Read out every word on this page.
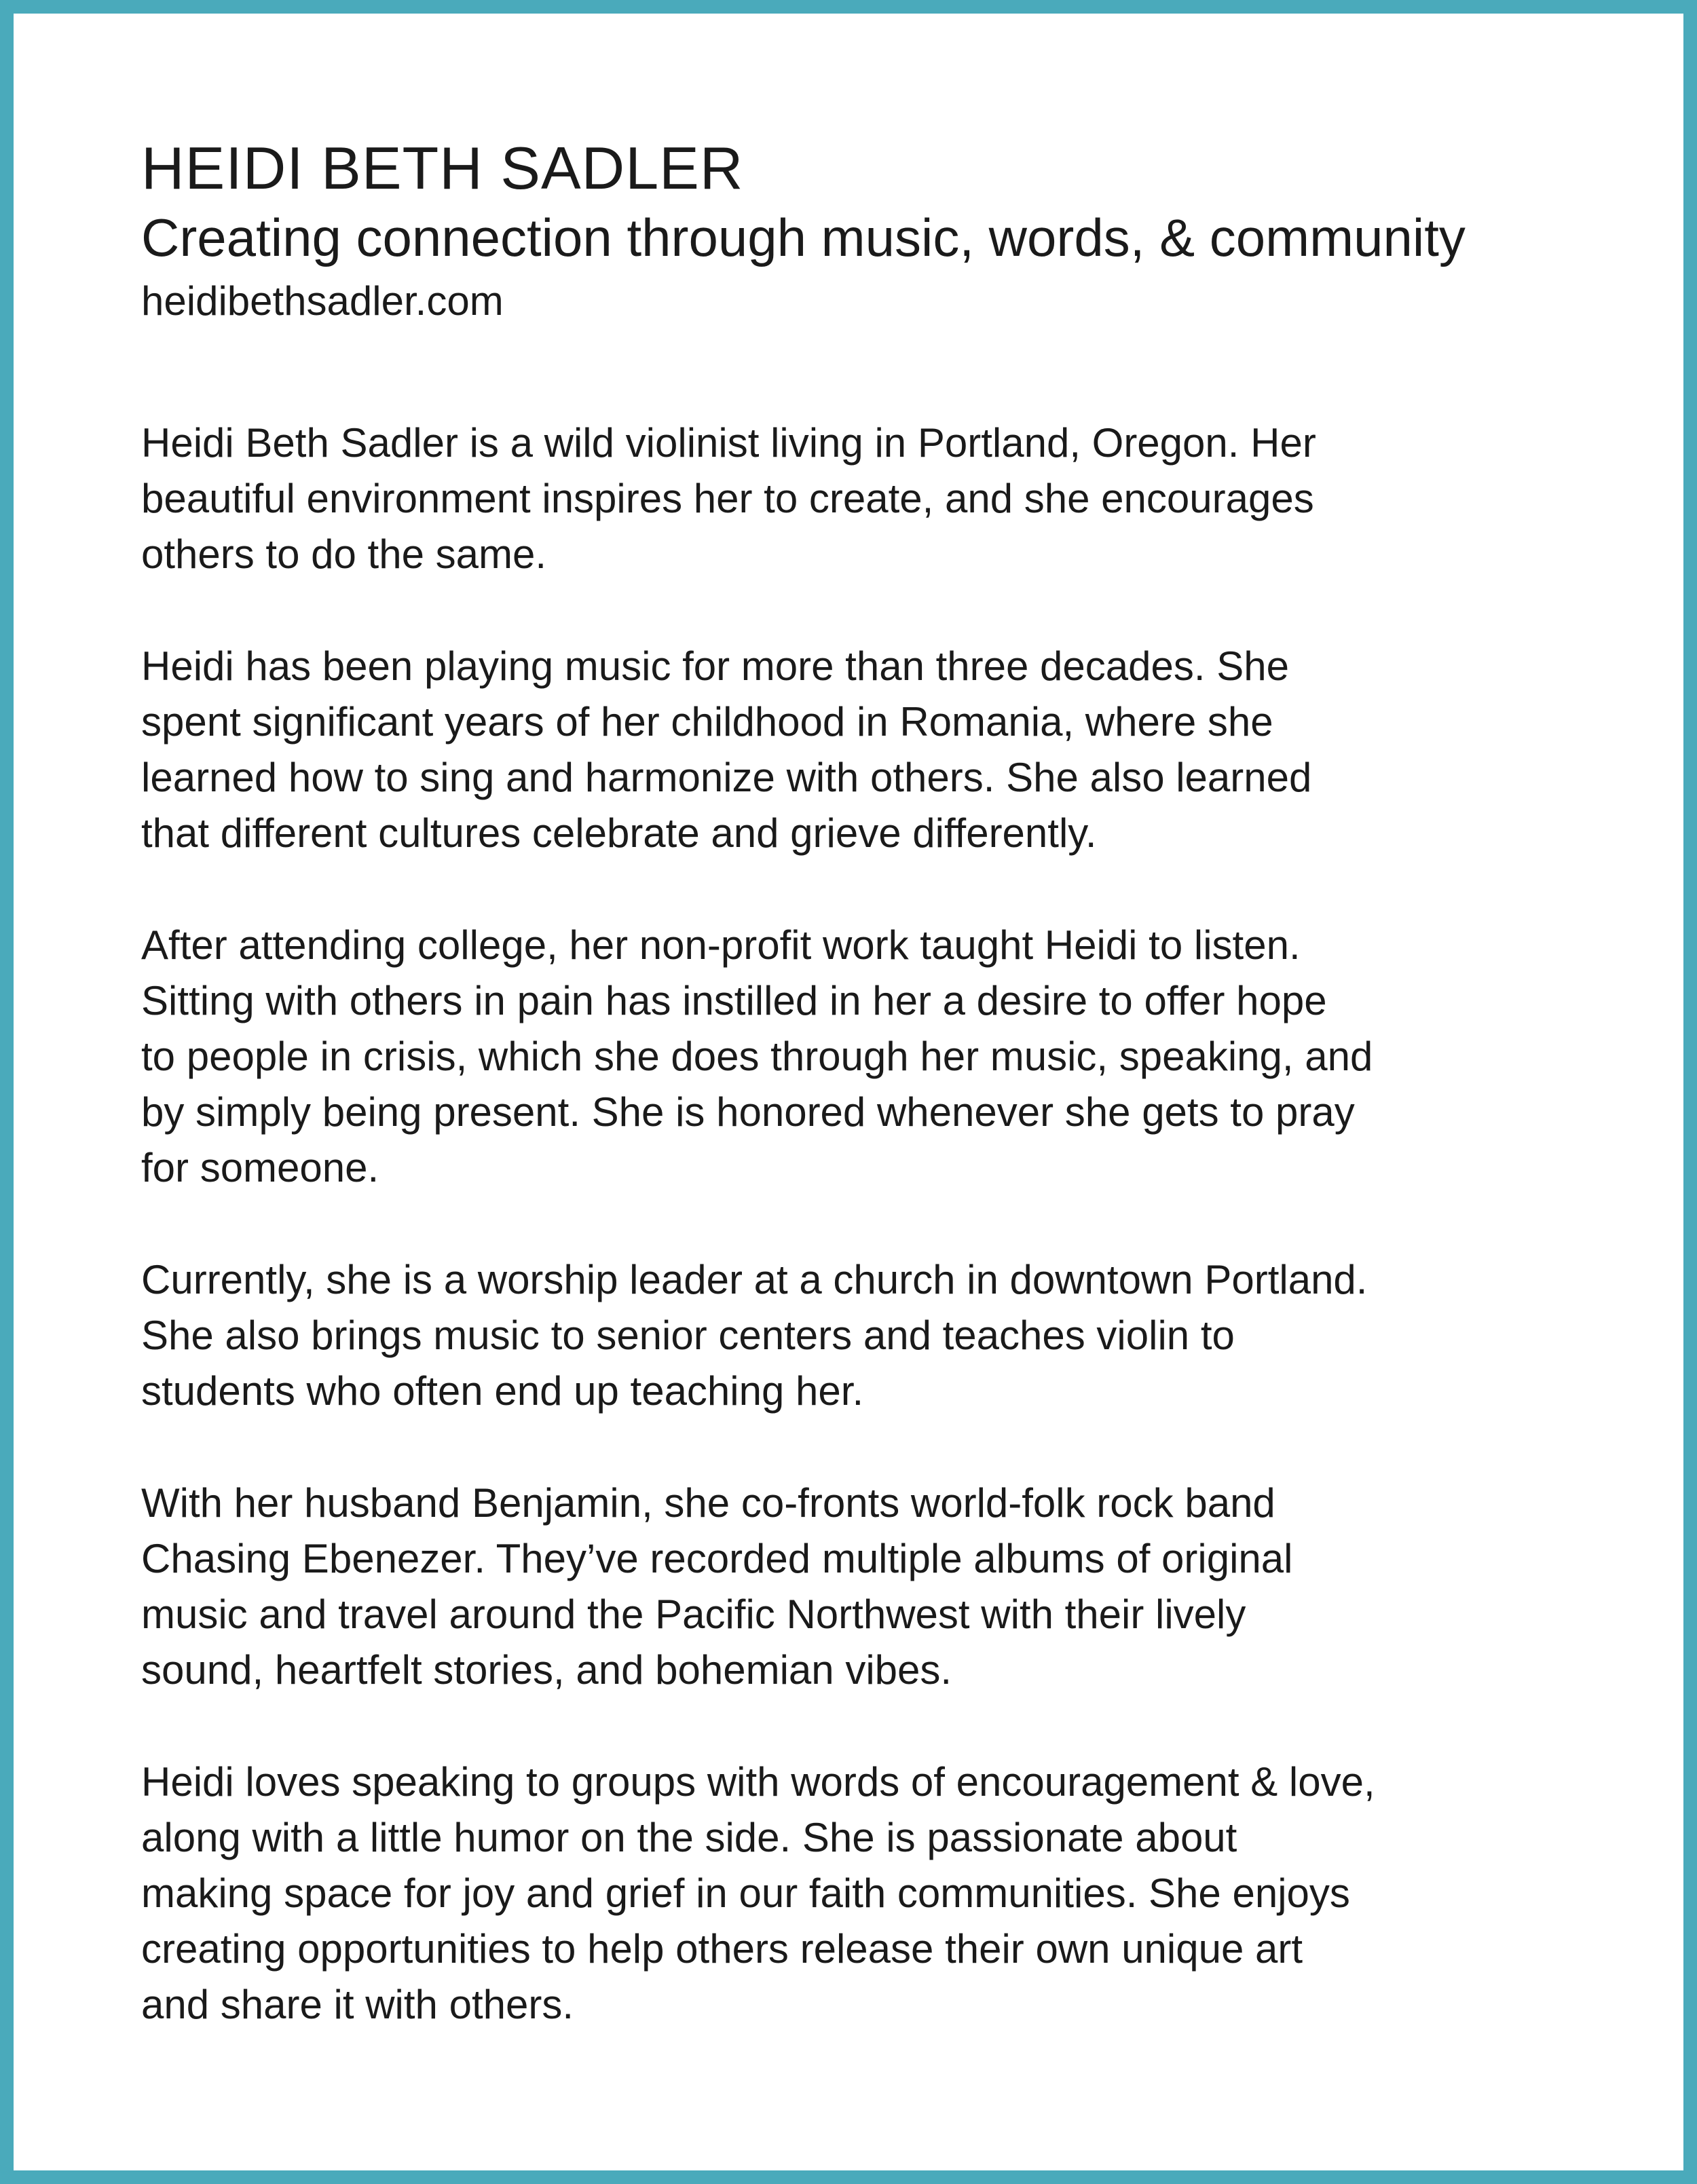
HEIDI BETH SADLER

Creating connection through music, words, & community

heidibethsadler.com

Heidi Beth Sadler is a wild violinist living in Portland, Oregon. Her
beautiful environment inspires her to create, and she encourages
others to do the same.

Heidi has been playing music for more than three decades. She
spent significant years of her childhood in Romania, where she
learned how to sing and harmonize with others. She also learned
that different cultures celebrate and grieve differently.

After attending college, her non-profit work taught Heidi to listen.
Sitting with others in pain has instilled in her a desire to offer hope
to people in crisis, which she does through her music, speaking, and
by simply being present. She is honored whenever she gets to pray
for someone.

Currently, she is a worship leader at a church in downtown Portland.
She also brings music to senior centers and teaches violin to
students who often end up teaching her.

With her husband Benjamin, she co-fronts world-folk rock band
Chasing Ebenezer. They’ve recorded multiple albums of original
music and travel around the Pacific Northwest with their lively
sound, heartfelt stories, and bohemian vibes.

Heidi loves speaking to groups with words of encouragement & love,
along with a little humor on the side. She is passionate about
making space for joy and grief in our faith communities. She enjoys
creating opportunities to help others release their own unique art
and share it with others.
